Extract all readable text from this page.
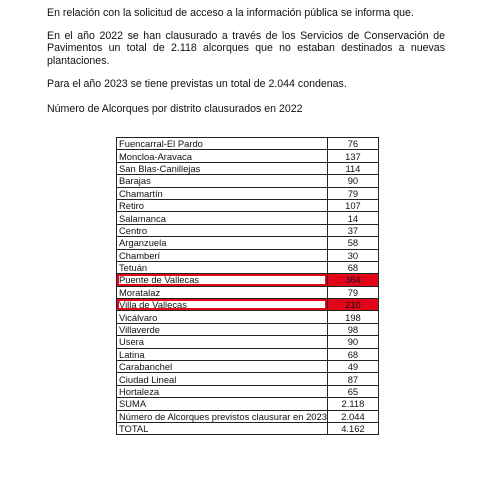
En relación con la solicitud de acceso a la información pública se informa que.

En el año 2022 se han clausurado a través de los Servicios de Conservación de Pavimentos un total de 2.118 alcorques que no estaban destinados a nuevas plantaciones.

Para el año 2023 se tiene previstas un total de 2.044 condenas.

Número de Alcorques por distrito clausurados en 2022

Fuencarral-El Pardo	76
Moncloa-Aravaca	137
San Blas-Canillejas	114
Barajas	90
Chamartín	79
Retiro	107
Salamanca	14
Centro	37
Arganzuela	58
Chamberí	30
Tetuán	68
Puente de Vallecas	364
Moratalaz	79
Villa de Vallecas	210
Vicálvaro	198
Villaverde	98
Usera	90
Latina	68
Carabanchel	49
Ciudad Lineal	87
Hortaleza	65
SUMA	2.118
Número de Alcorques previstos clausurar en 2023	2.044
TOTAL	4.162
